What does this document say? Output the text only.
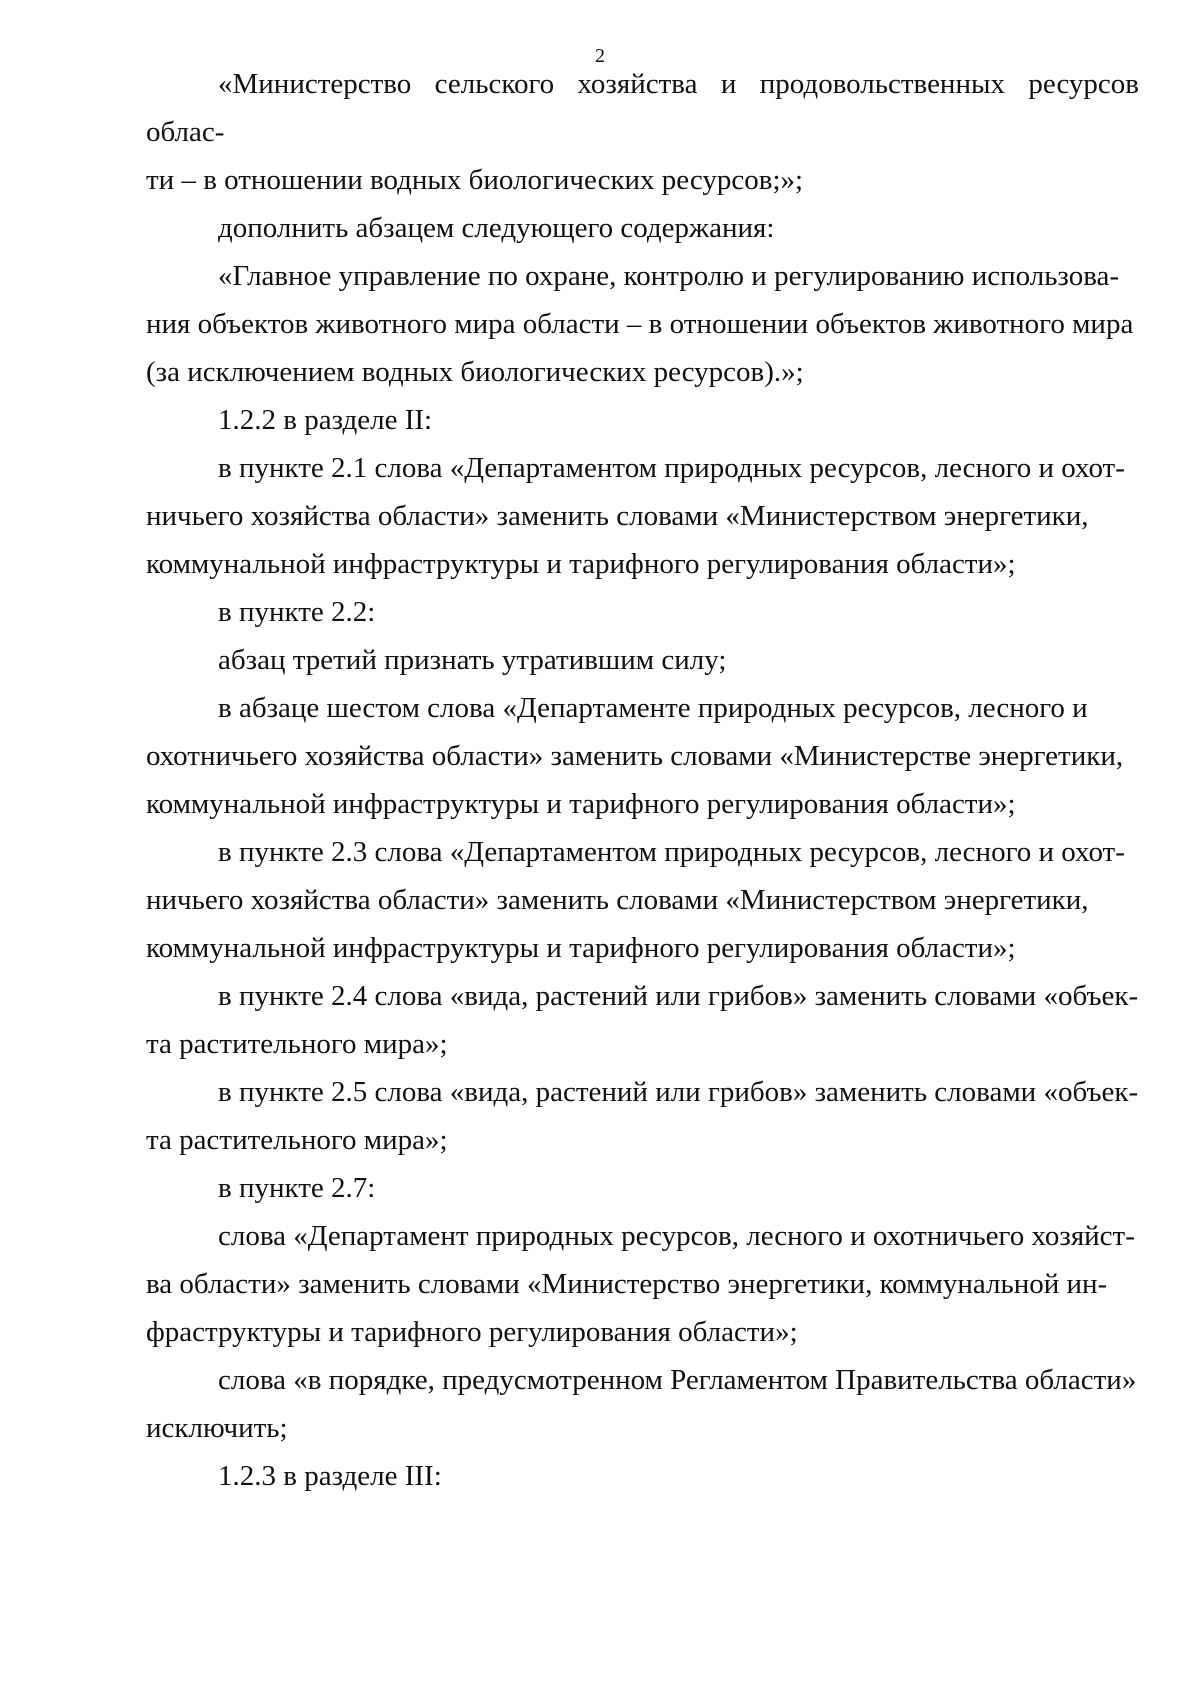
2

«Министерство сельского хозяйства и продовольственных ресурсов облас-
ти – в отношении водных биологических ресурсов;»;

дополнить абзацем следующего содержания:

«Главное управление по охране, контролю и регулированию использова-
ния объектов животного мира области – в отношении объектов животного мира
(за исключением водных биологических ресурсов).»;

1.2.2 в разделе II:

в пункте 2.1 слова «Департаментом природных ресурсов, лесного и охот-
ничьего хозяйства области» заменить словами «Министерством энергетики,
коммунальной инфраструктуры и тарифного регулирования области»;

в пункте 2.2:

абзац третий признать утратившим силу;

в абзаце шестом слова «Департаменте природных ресурсов, лесного и
охотничьего хозяйства области» заменить словами «Министерстве энергетики,
коммунальной инфраструктуры и тарифного регулирования области»;

в пункте 2.3 слова «Департаментом природных ресурсов, лесного и охот-
ничьего хозяйства области» заменить словами «Министерством энергетики,
коммунальной инфраструктуры и тарифного регулирования области»;

в пункте 2.4 слова «вида, растений или грибов» заменить словами «объек-
та растительного мира»;

в пункте 2.5 слова «вида, растений или грибов» заменить словами «объек-
та растительного мира»;

в пункте 2.7:

слова «Департамент природных ресурсов, лесного и охотничьего хозяйст-
ва области» заменить словами «Министерство энергетики, коммунальной ин-
фраструктуры и тарифного регулирования области»;

слова «в порядке, предусмотренном Регламентом Правительства области»
исключить;

1.2.3 в разделе III:
